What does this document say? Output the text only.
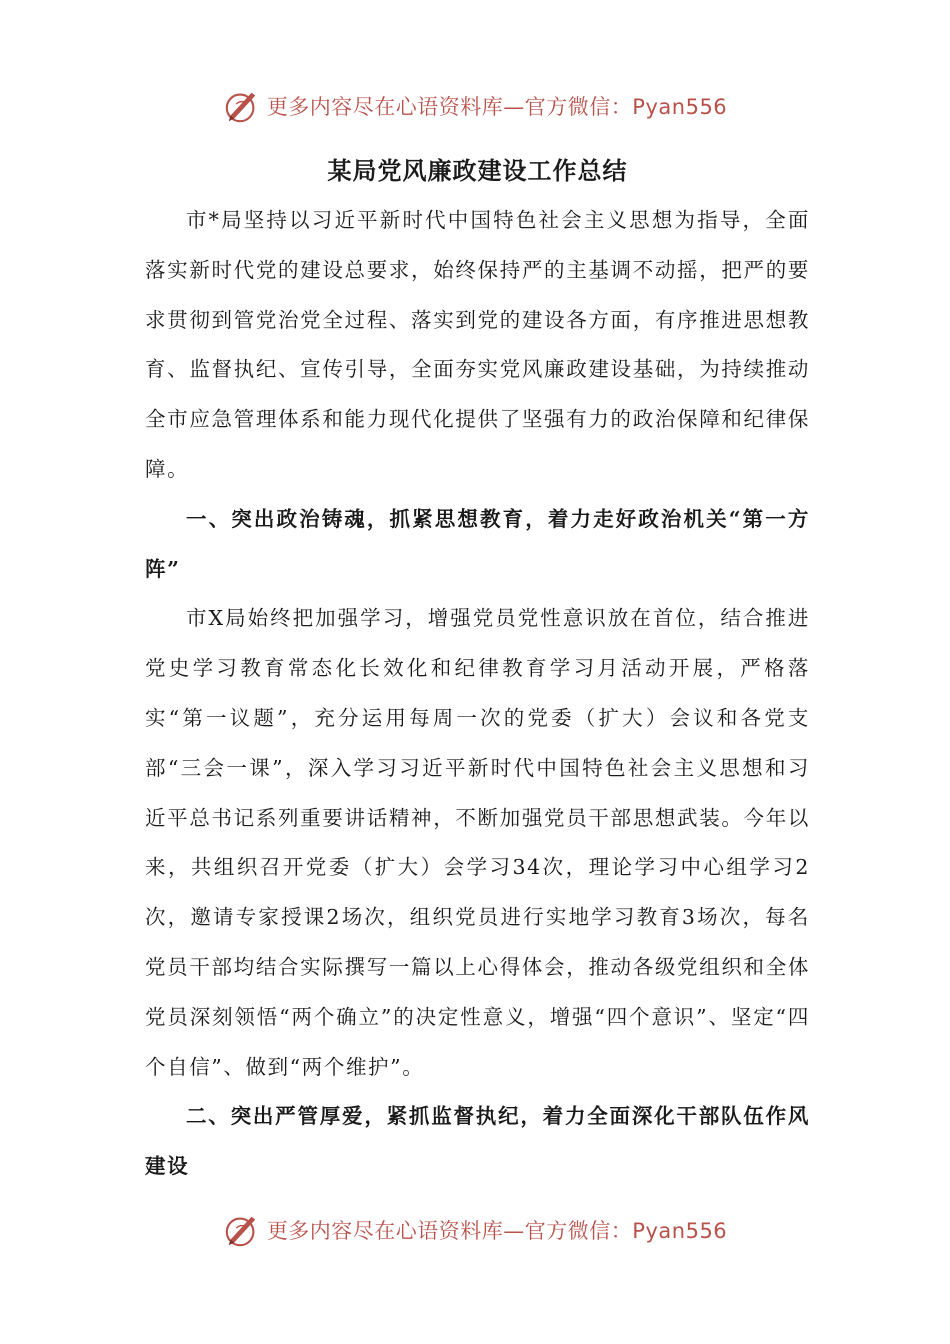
更多内容尽在心语资料库—官方微信：Pyan556
某局党风廉政建设工作总结

市*局坚持以习近平新时代中国特色社会主义思想为指导，全面落实新时代党的建设总要求，始终保持严的主基调不动摇，把严的要求贯彻到管党治党全过程、落实到党的建设各方面，有序推进思想教育、监督执纪、宣传引导，全面夯实党风廉政建设基础，为持续推动全市应急管理体系和能力现代化提供了坚强有力的政治保障和纪律保障。

一、突出政治铸魂，抓紧思想教育，着力走好政治机关“第一方阵”

市X局始终把加强学习，增强党员党性意识放在首位，结合推进党史学习教育常态化长效化和纪律教育学习月活动开展，严格落实“第一议题”，充分运用每周一次的党委（扩大）会议和各党支部“三会一课”，深入学习习近平新时代中国特色社会主义思想和习近平总书记系列重要讲话精神，不断加强党员干部思想武装。今年以来，共组织召开党委（扩大）会学习34次，理论学习中心组学习2次，邀请专家授课2场次，组织党员进行实地学习教育3场次，每名党员干部均结合实际撰写一篇以上心得体会，推动各级党组织和全体党员深刻领悟“两个确立”的决定性意义，增强“四个意识”、坚定“四个自信”、做到“两个维护”。

二、突出严管厚爱，紧抓监督执纪，着力全面深化干部队伍作风建设

更多内容尽在心语资料库—官方微信：Pyan556
